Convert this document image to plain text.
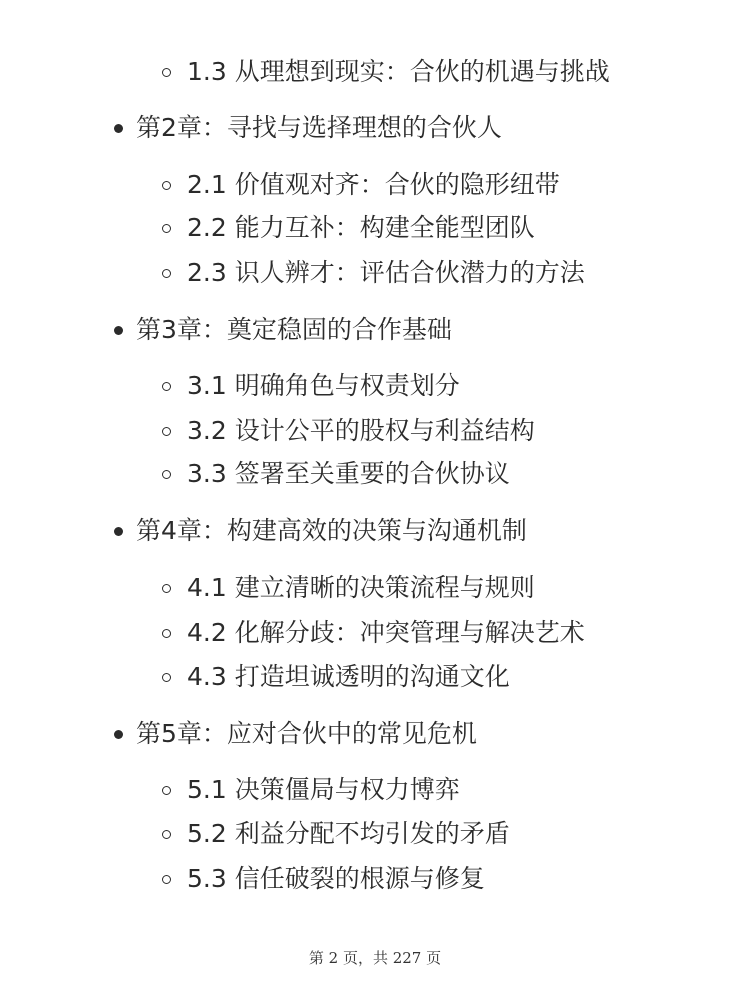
1.3 从理想到现实：合伙的机遇与挑战
第2章：寻找与选择理想的合伙人
2.1 价值观对齐：合伙的隐形纽带
2.2 能力互补：构建全能型团队
2.3 识人辨才：评估合伙潜力的方法
第3章：奠定稳固的合作基础
3.1 明确角色与权责划分
3.2 设计公平的股权与利益结构
3.3 签署至关重要的合伙协议
第4章：构建高效的决策与沟通机制
4.1 建立清晰的决策流程与规则
4.2 化解分歧：冲突管理与解决艺术
4.3 打造坦诚透明的沟通文化
第5章：应对合伙中的常见危机
5.1 决策僵局与权力博弈
5.2 利益分配不均引发的矛盾
5.3 信任破裂的根源与修复
第 2 页，共 227 页
